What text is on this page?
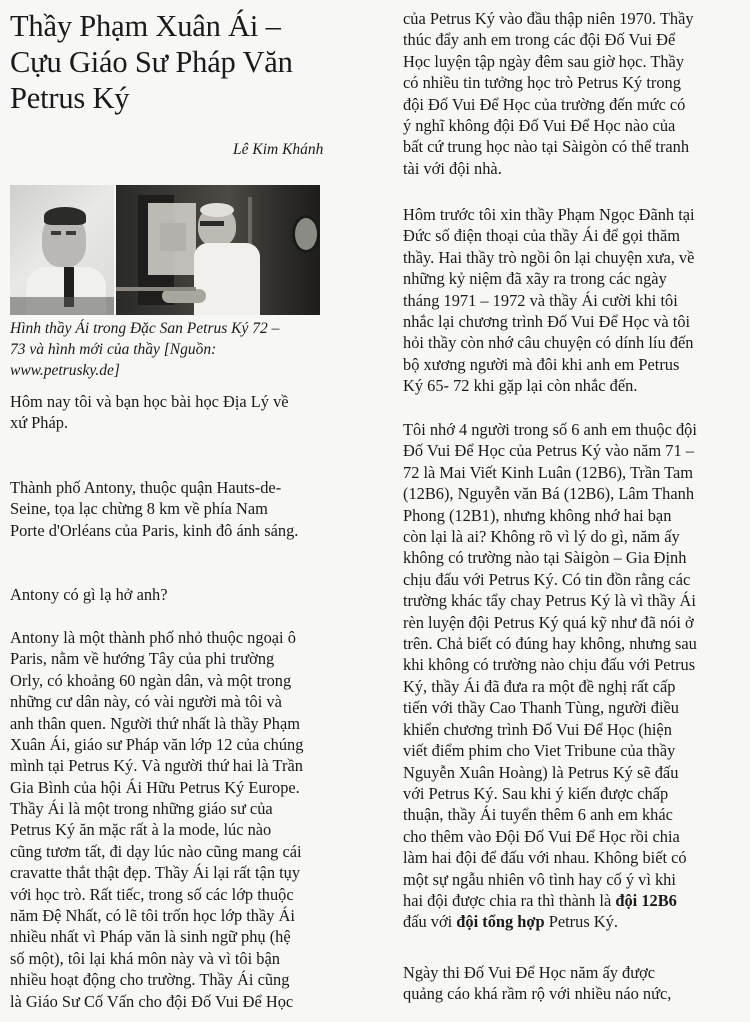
Thầy Phạm Xuân Ái –
Cựu Giáo Sư Pháp Văn
Petrus Ký
Lê Kim Khánh
Hình thầy Ái trong Đặc San Petrus Ký 72 –
73 và hình mới của thầy [Nguồn:
www.petrusky.de]
Hôm nay tôi và bạn học bài học Địa Lý về
xứ Pháp.
Thành phố Antony, thuộc quận Hauts-de-
Seine, tọa lạc chừng 8 km về phía Nam
Porte d'Orléans của Paris, kinh đô ánh sáng.
Antony có gì lạ hở anh?
Antony là một thành phố nhỏ thuộc ngoại ô
Paris, nằm về hướng Tây của phi trường
Orly, có khoảng 60 ngàn dân, và một trong
những cư dân này, có vài người mà tôi và
anh thân quen. Người thứ nhất là thầy Phạm
Xuân Ái, giáo sư Pháp văn lớp 12 của chúng
mình tại Petrus Ký. Và người thứ hai là Trần
Gia Bình của hội Ái Hữu Petrus Ký Europe.
Thầy Ái là một trong những giáo sư của
Petrus Ký ăn mặc rất à la mode, lúc nào
cũng tươm tất, đi dạy lúc nào cũng mang cái
cravatte thắt thật đẹp. Thầy Ái lại rất tận tụy
với học trò. Rất tiếc, trong số các lớp thuộc
năm Đệ Nhất, có lẽ tôi trốn học lớp thầy Ái
nhiều nhất vì Pháp văn là sinh ngữ phụ (hệ
số một), tôi lại khá môn này và vì tôi bận
nhiều hoạt động cho trường. Thầy Ái cũng
là Giáo Sư Cố Vấn cho đội Đố Vui Để Học
của Petrus Ký vào đầu thập niên 1970. Thầy
thúc đẩy anh em trong các đội Đố Vui Để
Học luyện tập ngày đêm sau giờ học. Thầy
có nhiều tin tưởng học trò Petrus Ký trong
đội Đố Vui Để Học của trường đến mức có
ý nghĩ không đội Đố Vui Để Học nào của
bất cứ trung học nào tại Sàigòn có thể tranh
tài với đội nhà.
Hôm trước tôi xin thầy Phạm Ngọc Đãnh tại
Đức số điện thoại của thầy Ái để gọi thăm
thầy. Hai thầy trò ngồi ôn lại chuyện xưa, về
những kỷ niệm đã xãy ra trong các ngày
tháng 1971 – 1972 và thầy Ái cười khi tôi
nhắc lại chương trình Đố Vui Để Học và tôi
hỏi thầy còn nhớ câu chuyện có dính líu đến
bộ xương người mà đôi khi anh em Petrus
Ký 65- 72 khi gặp lại còn nhắc đến.
Tôi nhớ 4 người trong số 6 anh em thuộc đội
Đố Vui Để Học của Petrus Ký vào năm 71 –
72 là Mai Viết Kinh Luân (12B6), Trần Tam
(12B6), Nguyễn văn Bá (12B6), Lâm Thanh
Phong (12B1), nhưng không nhớ hai bạn
còn lại là ai? Không rõ vì lý do gì, năm ấy
không có trường nào tại Sàigòn – Gia Định
chịu đấu với Petrus Ký. Có tin đồn rằng các
trường khác tẩy chay Petrus Ký là vì thầy Ái
rèn luyện đội Petrus Ký quá kỹ như đã nói ở
trên. Chả biết có đúng hay không, nhưng sau
khi không có trường nào chịu đấu với Petrus
Ký, thầy Ái đã đưa ra một đề nghị rất cấp
tiến với thầy Cao Thanh Tùng, người điều
khiển chương trình Đố Vui Để Học (hiện
viết điểm phim cho Viet Tribune của thầy
Nguyễn Xuân Hoàng) là Petrus Ký sẽ đấu
với Petrus Ký. Sau khi ý kiến được chấp
thuận, thầy Ái tuyển thêm 6 anh em khác
cho thêm vào Đội Đố Vui Để Học rồi chia
làm hai đội để đấu với nhau. Không biết có
một sự ngẫu nhiên vô tình hay cố ý vì khi
hai đội được chia ra thì thành là đội 12B6
đấu với đội tổng hợp Petrus Ký.
Ngày thi Đố Vui Để Học năm ấy được
quảng cáo khá rầm rộ với nhiều náo nức,
